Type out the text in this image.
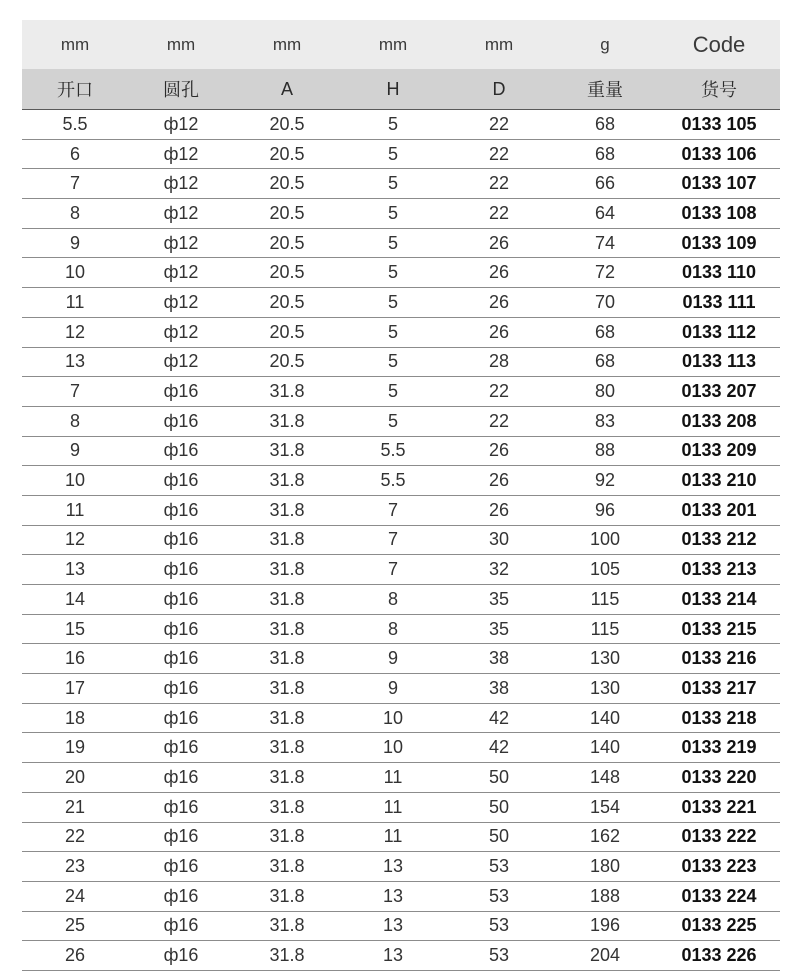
mm	mm	mm	mm	mm	g	Code
开口	圆孔	A	H	D	重量	货号
5.5	ф12	20.5	5	22	68	0133 105
6	ф12	20.5	5	22	68	0133 106
7	ф12	20.5	5	22	66	0133 107
8	ф12	20.5	5	22	64	0133 108
9	ф12	20.5	5	26	74	0133 109
10	ф12	20.5	5	26	72	0133 110
11	ф12	20.5	5	26	70	0133 111
12	ф12	20.5	5	26	68	0133 112
13	ф12	20.5	5	28	68	0133 113
7	ф16	31.8	5	22	80	0133 207
8	ф16	31.8	5	22	83	0133 208
9	ф16	31.8	5.5	26	88	0133 209
10	ф16	31.8	5.5	26	92	0133 210
11	ф16	31.8	7	26	96	0133 201
12	ф16	31.8	7	30	100	0133 212
13	ф16	31.8	7	32	105	0133 213
14	ф16	31.8	8	35	115	0133 214
15	ф16	31.8	8	35	115	0133 215
16	ф16	31.8	9	38	130	0133 216
17	ф16	31.8	9	38	130	0133 217
18	ф16	31.8	10	42	140	0133 218
19	ф16	31.8	10	42	140	0133 219
20	ф16	31.8	11	50	148	0133 220
21	ф16	31.8	11	50	154	0133 221
22	ф16	31.8	11	50	162	0133 222
23	ф16	31.8	13	53	180	0133 223
24	ф16	31.8	13	53	188	0133 224
25	ф16	31.8	13	53	196	0133 225
26	ф16	31.8	13	53	204	0133 226
